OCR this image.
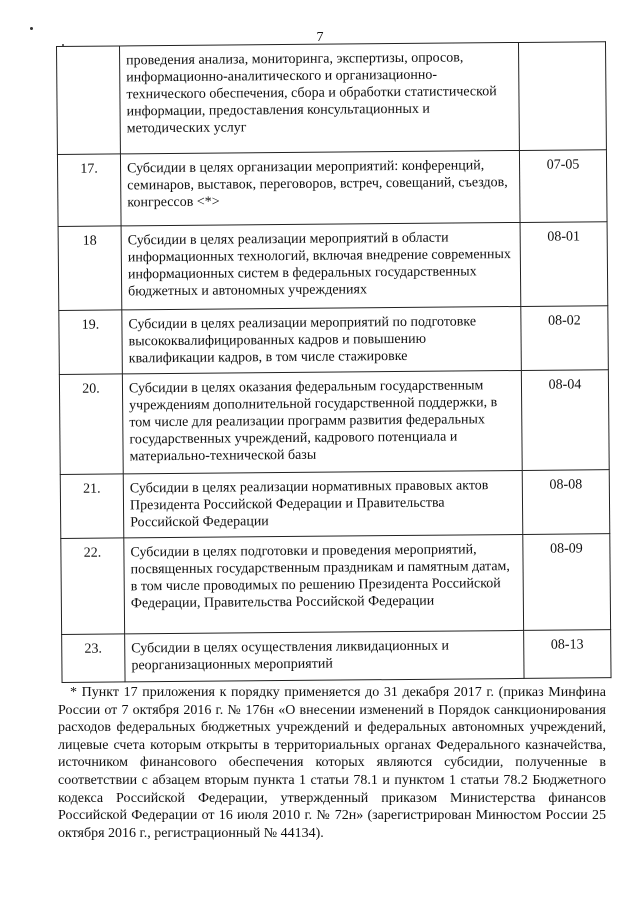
7
	проведения анализа, мониторинга, экспертизы, опросов, информационно-аналитического и организационно-технического обеспечения, сбора и обработки статистической информации, предоставления консультационных и методических услуг	
17.	Субсидии в целях организации мероприятий: конференций, семинаров, выставок, переговоров, встреч, совещаний, съездов, конгрессов <*>	07-05
18	Субсидии в целях реализации мероприятий в области информационных технологий, включая внедрение современных информационных систем в федеральных государственных бюджетных и автономных учреждениях	08-01
19.	Субсидии в целях реализации мероприятий по подготовке высококвалифицированных кадров и повышению квалификации кадров, в том числе стажировке	08-02
20.	Субсидии в целях оказания федеральным государственным учреждениям дополнительной государственной поддержки, в том числе для реализации программ развития федеральных государственных учреждений, кадрового потенциала и материально-технической базы	08-04
21.	Субсидии в целях реализации нормативных правовых актов Президента Российской Федерации и Правительства Российской Федерации	08-08
22.	Субсидии в целях подготовки и проведения мероприятий, посвященных государственным праздникам и памятным датам, в том числе проводимых по решению Президента Российской Федерации, Правительства Российской Федерации	08-09
23.	Субсидии в целях осуществления ликвидационных и реорганизационных мероприятий	08-13
* Пункт 17 приложения к порядку применяется до 31 декабря 2017 г. (приказ Минфина России от 7 октября 2016 г. № 176н «О внесении изменений в Порядок санкционирования расходов федеральных бюджетных учреждений и федеральных автономных учреждений, лицевые счета которым открыты в территориальных органах Федерального казначейства, источником финансового обеспечения которых являются субсидии, полученные в соответствии с абзацем вторым пункта 1 статьи 78.1 и пунктом 1 статьи 78.2 Бюджетного кодекса Российской Федерации, утвержденный приказом Министерства финансов Российской Федерации от 16 июля 2010 г. № 72н» (зарегистрирован Минюстом России 25 октября 2016 г., регистрационный № 44134).
